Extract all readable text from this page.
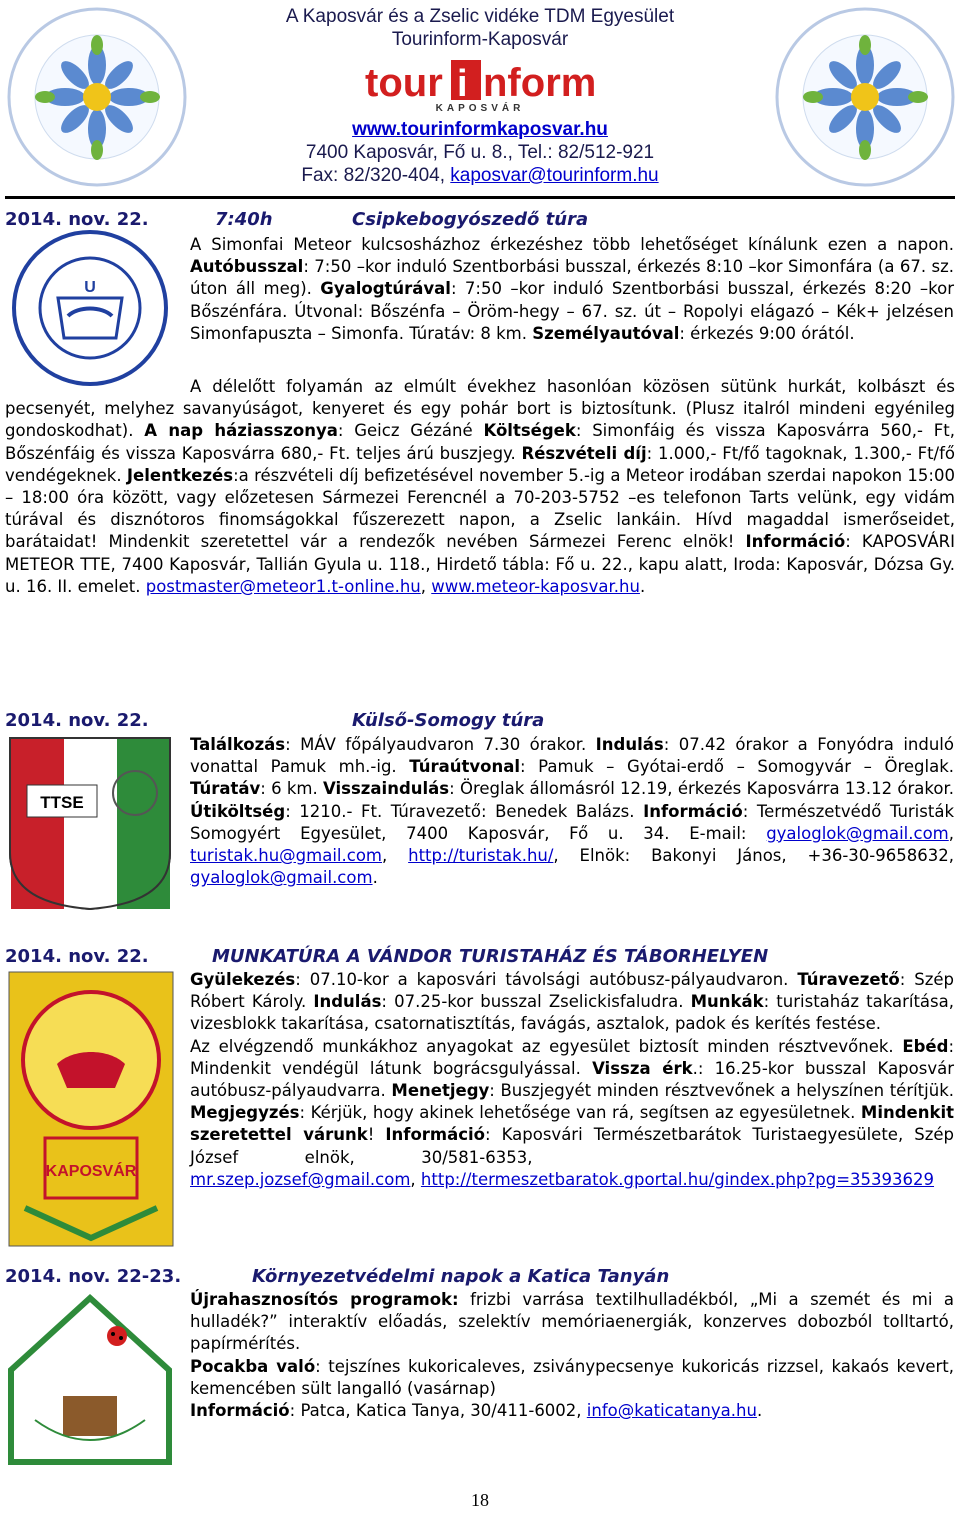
A Kaposvár és a Zselic vidéke TDM Egyesület
Tourinform-Kaposvár
tour i nform
KAPOSVÁR
www.tourinformkaposvar.hu
7400 Kaposvár, Fő u. 8., Tel.: 82/512-921
Fax: 82/320-404, kaposvar@tourinform.hu
2014. nov. 22.	7:40h	Csipkebogyószedő túra
U
A Simonfai Meteor kulcsosházhoz érkezéshez több lehetőséget kínálunk ezen a napon. Autóbusszal: 7:50 –kor induló Szentborbási busszal, érkezés 8:10 –kor Simonfára (a 67. sz. úton áll meg). Gyalogtúrával: 7:50 –kor induló Szentborbási busszal, érkezés 8:20 –kor Bőszénfára. Útvonal: Bőszénfa – Öröm-hegy – 67. sz. út – Ropolyi elágazó – Kék+ jelzésen Simonfapuszta – Simonfa. Túratáv: 8 km. Személyautóval: érkezés 9:00 órától.
A délelőtt folyamán az elmúlt évekhez hasonlóan közösen sütünk hurkát, kolbászt és pecsenyét, melyhez savanyúságot, kenyeret és egy pohár bort is biztosítunk. (Plusz italról mindeni egyénileg gondoskodhat). A nap háziasszonya: Geicz Gézáné Költségek: Simonfáig és vissza Kaposvárra 560,- Ft, Bőszénfáig és vissza Kaposvárra 680,- Ft. teljes árú buszjegy. Részvételi díj: 1.000,- Ft/fő tagoknak, 1.300,- Ft/fő vendégeknek. Jelentkezés:a részvételi díj befizetésével november 5.-ig a Meteor irodában szerdai napokon 15:00 – 18:00 óra között, vagy előzetesen Sármezei Ferencnél a 70-203-5752 –es telefonon Tarts velünk, egy vidám túrával és disznótoros finomságokkal fűszerezett napon, a Zselic lankáin. Hívd magaddal ismerőseidet, barátaidat! Mindenkit szeretettel vár a rendezők nevében Sármezei Ferenc elnök! Információ: KAPOSVÁRI METEOR TTE, 7400 Kaposvár, Tallián Gyula u. 118., Hirdető tábla: Fő u. 22., kapu alatt, Iroda: Kaposvár, Dózsa Gy. u. 16. II. emelet. postmaster@meteor1.t-online.hu, www.meteor-kaposvar.hu.
2014. nov. 22.	Külső-Somogy túra
TTSE
Találkozás: MÁV főpályaudvaron 7.30 órakor. Indulás: 07.42 órakor a Fonyódra induló vonattal Pamuk mh.-ig. Túraútvonal: Pamuk – Gyótai-erdő – Somogyvár – Öreglak. Túratáv: 6 km. Visszaindulás: Öreglak állomásról 12.19, érkezés Kaposvárra 13.12 órakor. Útiköltség: 1210.- Ft. Túravezető: Benedek Balázs. Információ: Természetvédő Turisták Somogyért Egyesület, 7400 Kaposvár, Fő u. 34. E-mail: gyaloglok@gmail.com, turistak.hu@gmail.com, http://turistak.hu/, Elnök: Bakonyi János, +36-30-9658632, gyaloglok@gmail.com.
2014. nov. 22.	MUNKATÚRA A VÁNDOR TURISTAHÁZ ÉS TÁBORHELYEN
KAPOSVÁR
Gyülekezés: 07.10-kor a kaposvári távolsági autóbusz-pályaudvaron. Túravezető: Szép Róbert Károly. Indulás: 07.25-kor busszal Zselickisfaludra. Munkák: turistaház takarítása, vizesblokk takarítása, csatornatisztítás, favágás, asztalok, padok és kerítés festése.
Az elvégzendő munkákhoz anyagokat az egyesület biztosít minden résztvevőnek. Ebéd: Mindenkit vendégül látunk bográcsgulyással. Vissza érk.: 16.25-kor busszal Kaposvár autóbusz-pályaudvarra. Menetjegy: Buszjegyét minden résztvevőnek a helyszínen térítjük. Megjegyzés: Kérjük, hogy akinek lehetősége van rá, segítsen az egyesületnek. Mindenkit szeretettel várunk! Információ: Kaposvári Természetbarátok Turistaegyesülete, Szép József elnök, 30/581-6353, mr.szep.jozsef@gmail.com, http://termeszetbaratok.gportal.hu/gindex.php?pg=35393629
2014. nov. 22-23.	Környezetvédelmi napok a Katica Tanyán
Újrahasznosítós programok: frizbi varrása textilhulladékból, „Mi a szemét és mi a hulladék?” interaktív előadás, szelektív memóriaenergiák, konzerves dobozból tolltartó, papírmérítés.
Pocakba való: tejszínes kukoricaleves, zsiványpecsenye kukoricás rizzsel, kakaós kevert, kemencében sült langalló (vasárnap)
Információ: Patca, Katica Tanya, 30/411-6002, info@katicatanya.hu.
18
